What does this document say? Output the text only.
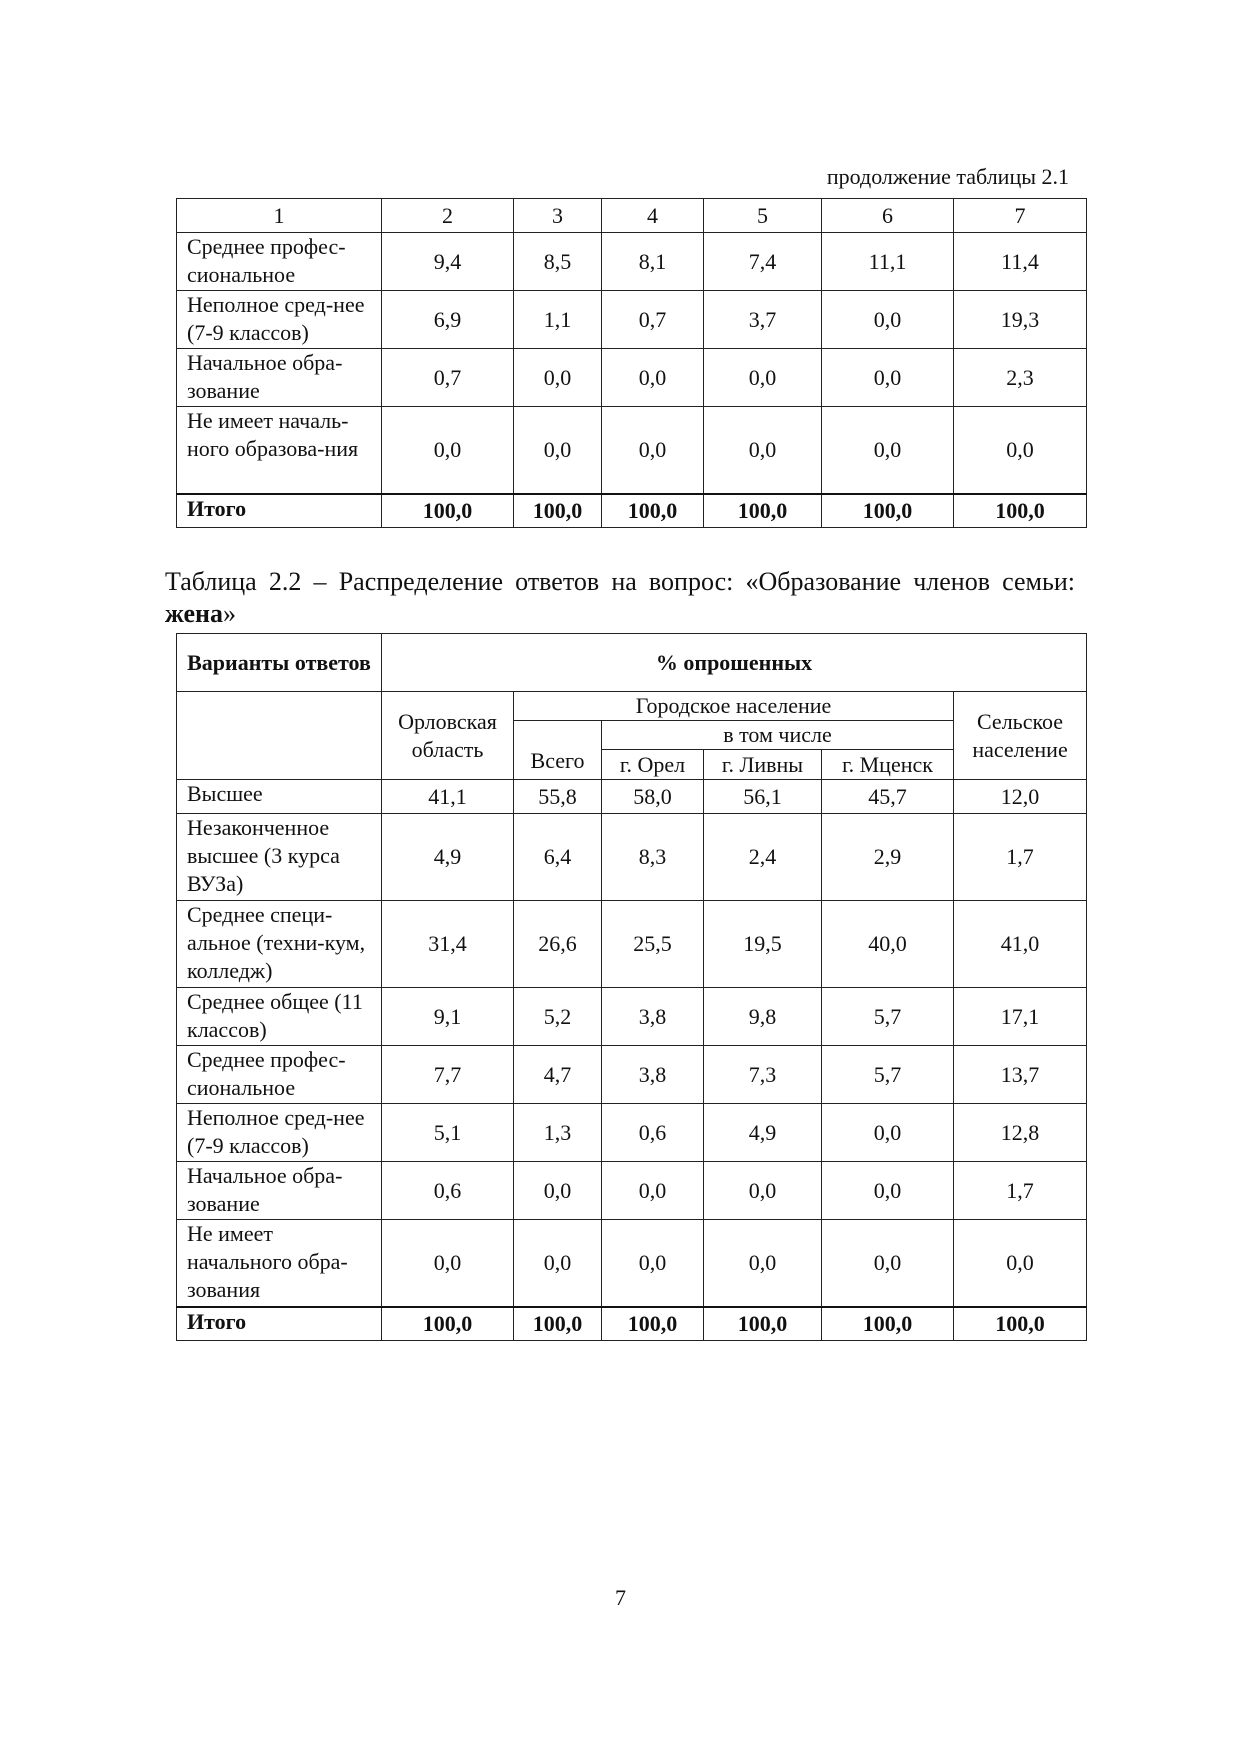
продолжение таблицы 2.1
1	2	3	4	5	6	7
Среднее профес-сиональное	9,4	8,5	8,1	7,4	11,1	11,4
Неполное сред-нее (7-9 классов)	6,9	1,1	0,7	3,7	0,0	19,3
Начальное обра-зование	0,7	0,0	0,0	0,0	0,0	2,3
Не имеет началь-ного образова-ния	0,0	0,0	0,0	0,0	0,0	0,0
Итого	100,0	100,0	100,0	100,0	100,0	100,0
Таблица 2.2 – Распределение ответов на вопрос: «Образование членов семьи: жена»
Варианты ответов	% опрошенных					
	Орловская область	Городское население				Сельское население
		Всего	в том числе			
			г. Орел	г. Ливны	г. Мценск	
Высшее	41,1	55,8	58,0	56,1	45,7	12,0
Незаконченное высшее (3 курса ВУЗа)	4,9	6,4	8,3	2,4	2,9	1,7
Среднее специ-альное (техни-кум, колледж)	31,4	26,6	25,5	19,5	40,0	41,0
Среднее общее (11 классов)	9,1	5,2	3,8	9,8	5,7	17,1
Среднее профес-сиональное	7,7	4,7	3,8	7,3	5,7	13,7
Неполное сред-нее (7-9 классов)	5,1	1,3	0,6	4,9	0,0	12,8
Начальное обра-зование	0,6	0,0	0,0	0,0	0,0	1,7
Не имеет начального обра-зования	0,0	0,0	0,0	0,0	0,0	0,0
Итого	100,0	100,0	100,0	100,0	100,0	100,0
7
